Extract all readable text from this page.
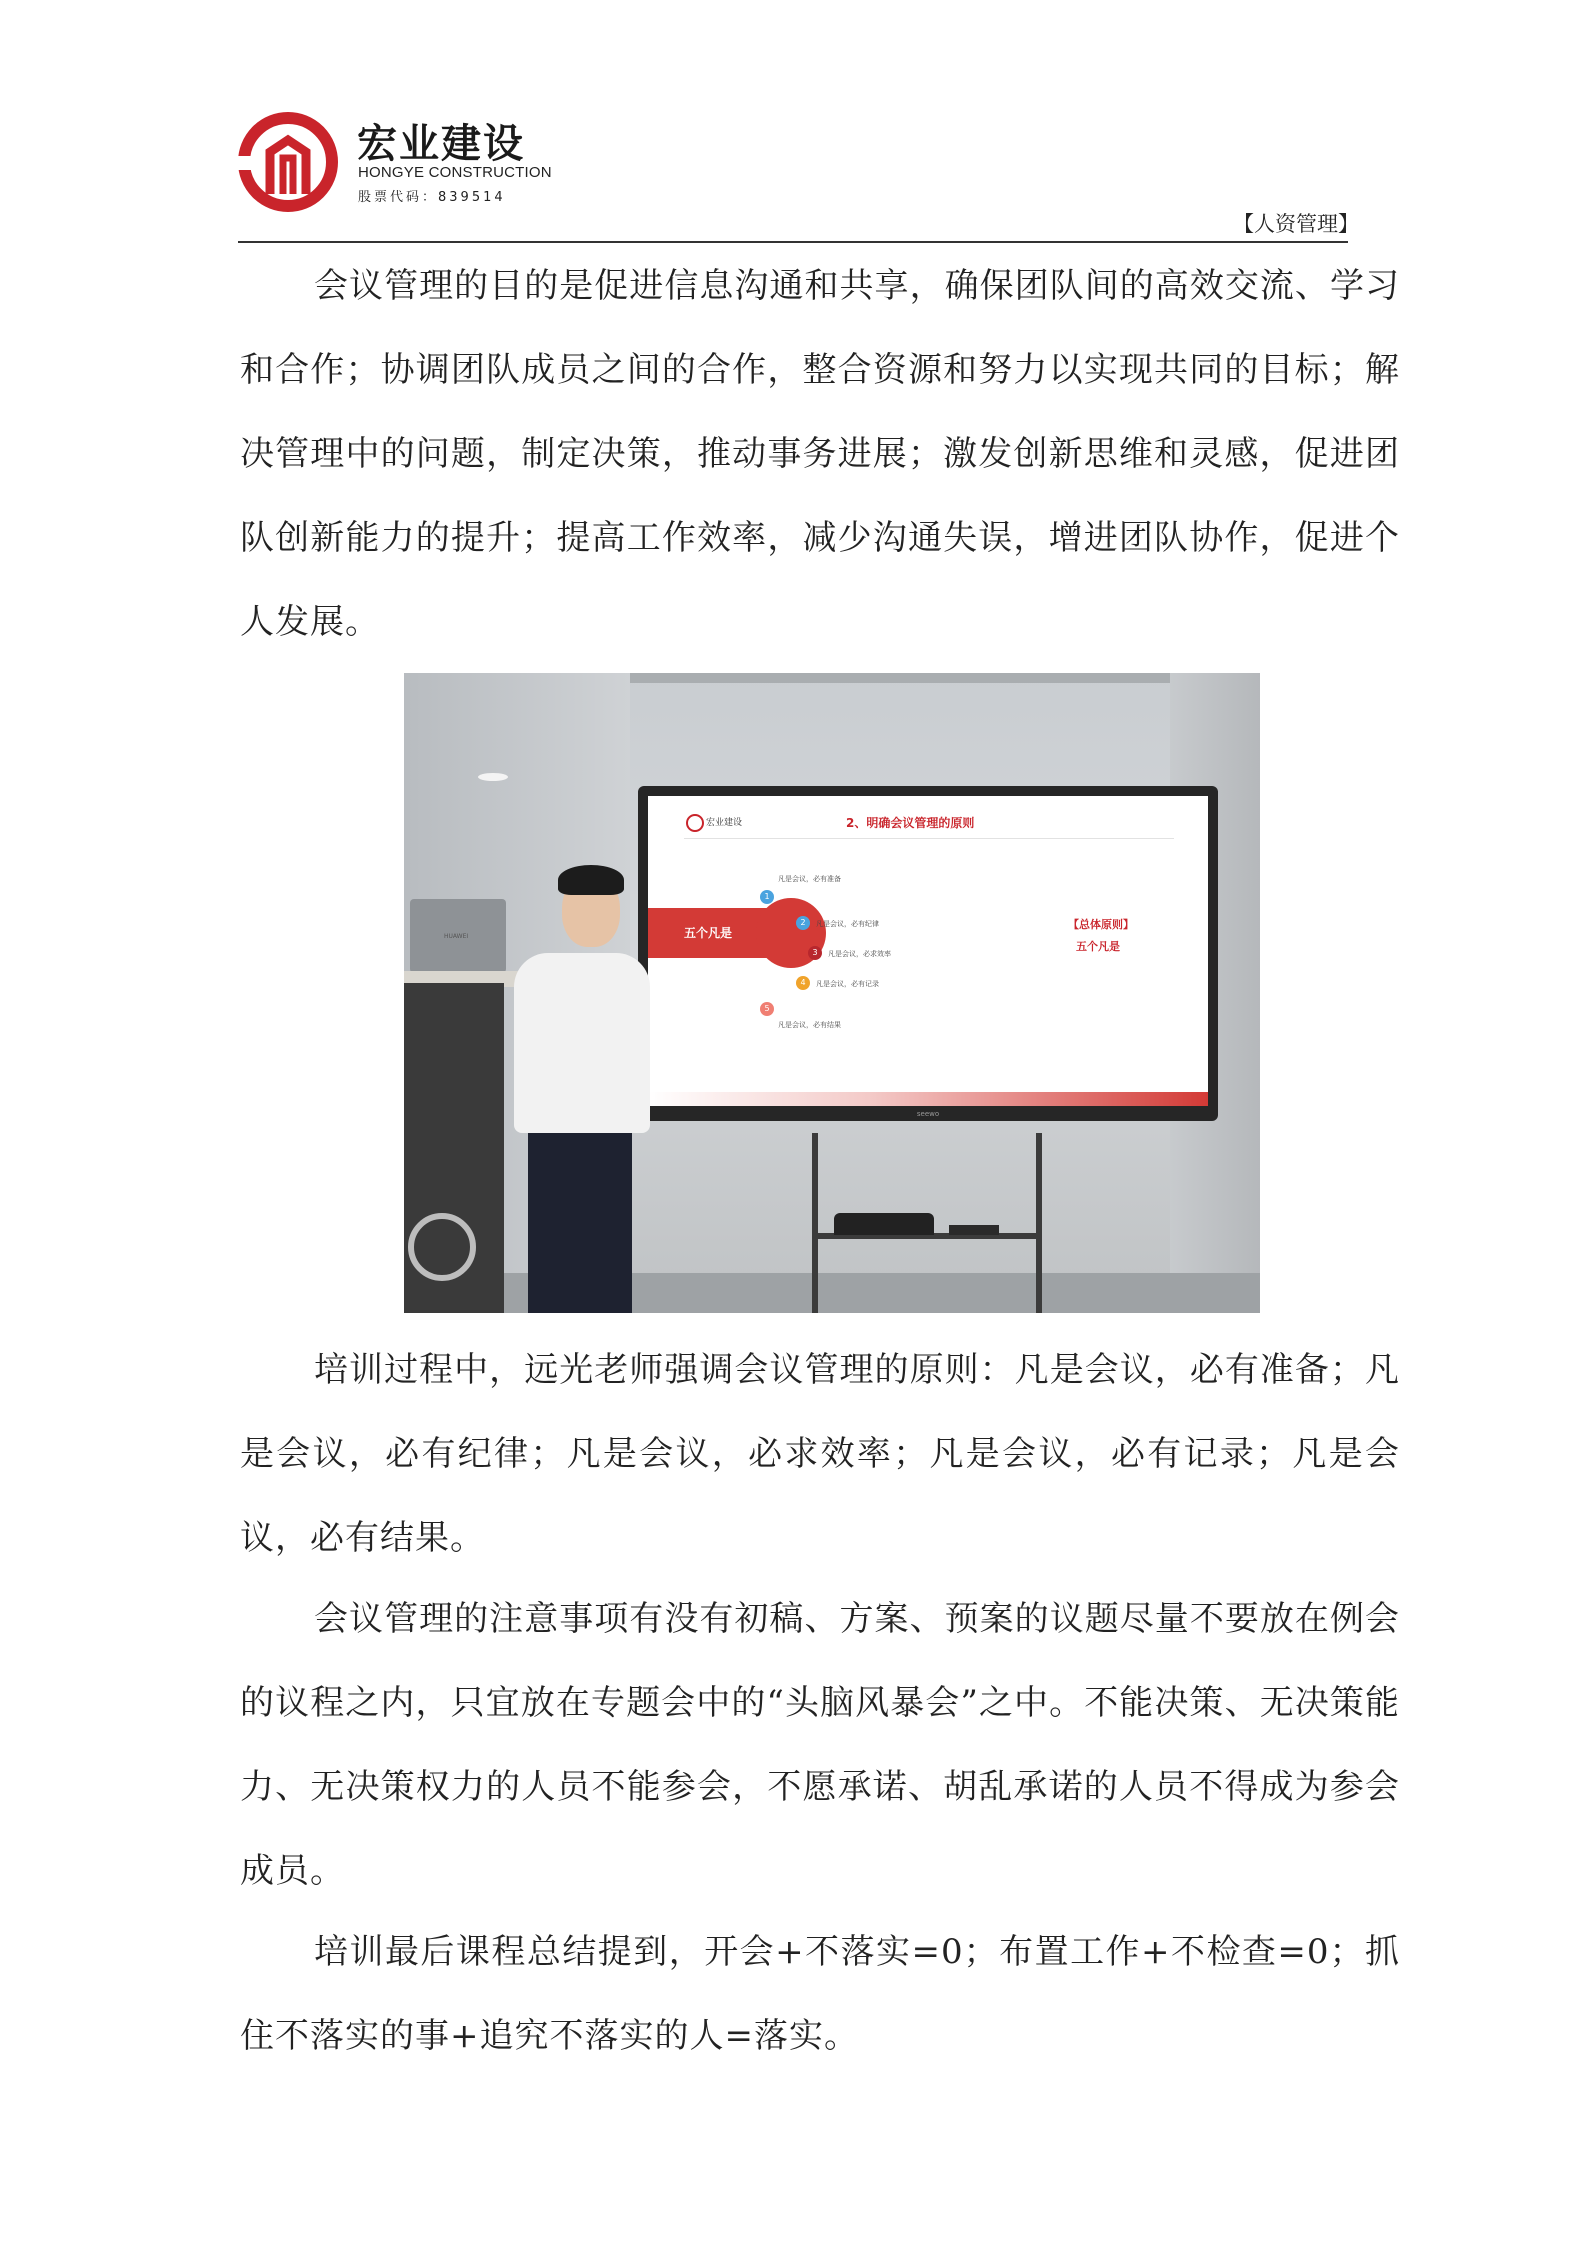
宏业建设
HONGYE CONSTRUCTION
股票代码：839514
【人资管理】

会议管理的目的是促进信息沟通和共享，确保团队间的高效交流、学习和合作；协调团队成员之间的合作，整合资源和努力以实现共同的目标；解决管理中的问题，制定决策，推动事务进展；激发创新思维和灵感，促进团队创新能力的提升；提高工作效率，减少沟通失误，增进团队协作，促进个人发展。

宏业建设	2、明确会议管理的原则
五个凡是
凡是会议，必有准备
1
2	凡是会议，必有纪律
3	凡是会议，必求效率
4	凡是会议，必有记录
5
凡是会议，必有结果
【总体原则】
五个凡是
seewo
HUAWEI

培训过程中，远光老师强调会议管理的原则：凡是会议，必有准备；凡是会议，必有纪律；凡是会议，必求效率；凡是会议，必有记录；凡是会议，必有结果。

会议管理的注意事项有没有初稿、方案、预案的议题尽量不要放在例会的议程之内，只宜放在专题会中的“头脑风暴会”之中。不能决策、无决策能力、无决策权力的人员不能参会，不愿承诺、胡乱承诺的人员不得成为参会成员。

培训最后课程总结提到，开会+不落实=0；布置工作+不检查=0；抓住不落实的事+追究不落实的人=落实。
